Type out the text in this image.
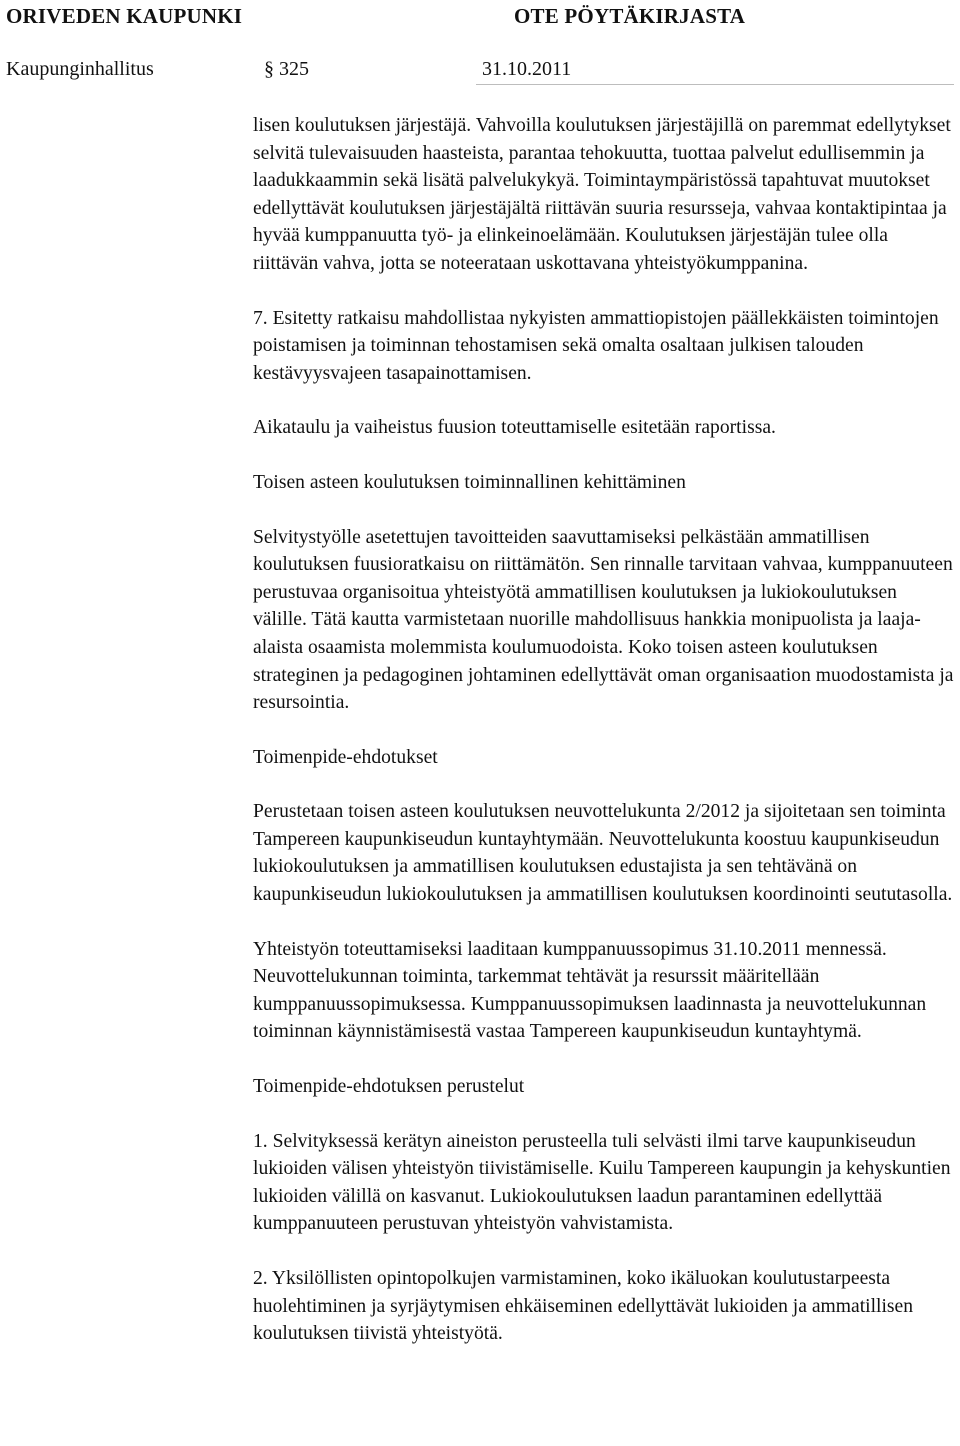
ORIVEDEN KAUPUNKI	OTE PÖYTÄKIRJASTA
Kaupunginhallitus	§ 325	31.10.2011

lisen koulutuksen järjestäjä. Vahvoilla koulutuksen järjestäjillä on paremmat edellytykset selvitä tulevaisuuden haasteista, parantaa tehokuutta, tuottaa palvelut edullisemmin ja laadukkaammin sekä lisätä palvelukykyä. Toimintaympäristössä tapahtuvat muutokset edellyttävät koulutuksen järjestäjältä riittävän suuria resursseja, vahvaa kontaktipintaa ja hyvää kumppanuutta työ- ja elinkeinoelämään. Koulutuksen järjestäjän tulee olla riittävän vahva, jotta se noteerataan uskottavana yhteistyökumppanina.

7. Esitetty ratkaisu mahdollistaa nykyisten ammattiopistojen päällekkäisten toimintojen poistamisen ja toiminnan tehostamisen sekä omalta osaltaan julkisen talouden kestävyysvajeen tasapainottamisen.

Aikataulu ja vaiheistus fuusion toteuttamiselle esitetään raportissa.

Toisen asteen koulutuksen toiminnallinen kehittäminen

Selvitystyölle asetettujen tavoitteiden saavuttamiseksi pelkästään ammatillisen koulutuksen fuusioratkaisu on riittämätön. Sen rinnalle tarvitaan vahvaa, kumppanuuteen perustuvaa organisoitua yhteistyötä ammatillisen koulutuksen ja lukiokoulutuksen välille. Tätä kautta varmistetaan nuorille mahdollisuus hankkia monipuolista ja laaja-alaista osaamista molemmista koulumuodoista. Koko toisen asteen koulutuksen strateginen ja pedagoginen johtaminen edellyttävät oman organisaation muodostamista ja resursointia.

Toimenpide-ehdotukset

Perustetaan toisen asteen koulutuksen neuvottelukunta 2/2012 ja sijoitetaan sen toiminta Tampereen kaupunkiseudun kuntayhtymään. Neuvottelukunta koostuu kaupunkiseudun lukiokoulutuksen ja ammatillisen koulutuksen edustajista ja sen tehtävänä on kaupunkiseudun lukiokoulutuksen ja ammatillisen koulutuksen koordinointi seututasolla.

Yhteistyön toteuttamiseksi laaditaan kumppanuussopimus 31.10.2011 mennessä. Neuvottelukunnan toiminta, tarkemmat tehtävät ja resurssit määritellään kumppanuussopimuksessa. Kumppanuussopimuksen laadinnasta ja neuvottelukunnan toiminnan käynnistämisestä vastaa Tampereen kaupunkiseudun kuntayhtymä.

Toimenpide-ehdotuksen perustelut

1. Selvityksessä kerätyn aineiston perusteella tuli selvästi ilmi tarve kaupunkiseudun lukioiden välisen yhteistyön tiivistämiselle. Kuilu Tampereen kaupungin ja kehyskuntien lukioiden välillä on kasvanut. Lukiokoulutuksen laadun parantaminen edellyttää kumppanuuteen perustuvan yhteistyön vahvistamista.

2. Yksilöllisten opintopolkujen varmistaminen, koko ikäluokan koulutustarpeesta huolehtiminen ja syrjäytymisen ehkäiseminen edellyttävät lukioiden ja ammatillisen koulutuksen tiivistä yhteistyötä.
